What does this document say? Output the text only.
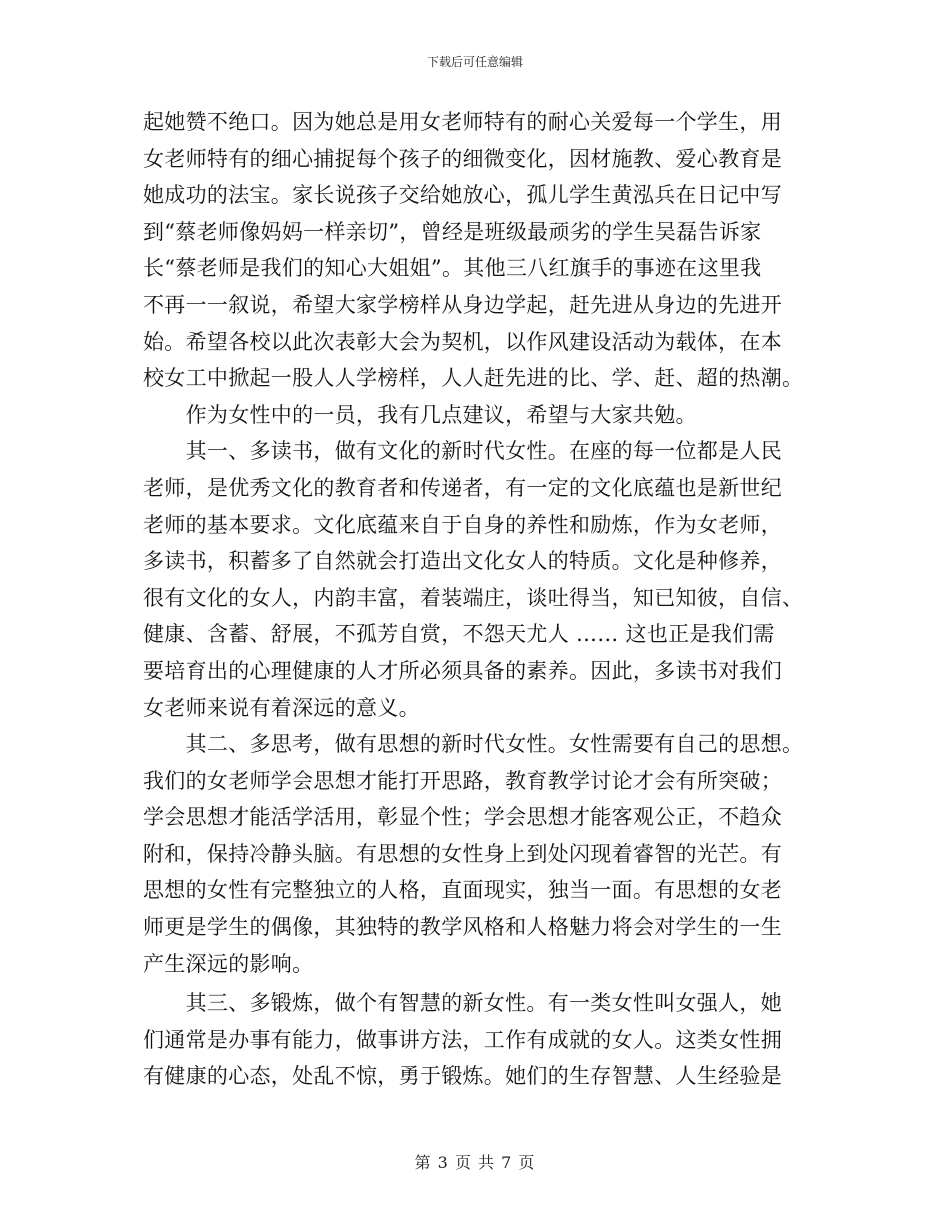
下载后可任意编辑
起她赞不绝口。因为她总是用女老师特有的耐心关爱每一个学生，用
女老师特有的细心捕捉每个孩子的细微变化，因材施教、爱心教育是
她成功的法宝。家长说孩子交给她放心，孤儿学生黄泓兵在日记中写
到“蔡老师像妈妈一样亲切”，曾经是班级最顽劣的学生吴磊告诉家
长“蔡老师是我们的知心大姐姐”。其他三八红旗手的事迹在这里我
不再一一叙说，希望大家学榜样从身边学起，赶先进从身边的先进开
始。希望各校以此次表彰大会为契机，以作风建设活动为载体，在本
校女工中掀起一股人人学榜样，人人赶先进的比、学、赶、超的热潮。
　　作为女性中的一员，我有几点建议，希望与大家共勉。
　　其一、多读书，做有文化的新时代女性。在座的每一位都是人民
老师，是优秀文化的教育者和传递者，有一定的文化底蕴也是新世纪
老师的基本要求。文化底蕴来自于自身的养性和励炼，作为女老师，
多读书，积蓄多了自然就会打造出文化女人的特质。文化是种修养，
很有文化的女人，内韵丰富，着装端庄，谈吐得当，知已知彼，自信、
健康、含蓄、舒展，不孤芳自赏，不怨天尤人 …… 这也正是我们需
要培育出的心理健康的人才所必须具备的素养。因此，多读书对我们
女老师来说有着深远的意义。
　　其二、多思考，做有思想的新时代女性。女性需要有自己的思想。
我们的女老师学会思想才能打开思路，教育教学讨论才会有所突破；
学会思想才能活学活用，彰显个性；学会思想才能客观公正，不趋众
附和，保持冷静头脑。有思想的女性身上到处闪现着睿智的光芒。有
思想的女性有完整独立的人格，直面现实，独当一面。有思想的女老
师更是学生的偶像，其独特的教学风格和人格魅力将会对学生的一生
产生深远的影响。
　　其三、多锻炼，做个有智慧的新女性。有一类女性叫女强人，她
们通常是办事有能力，做事讲方法，工作有成就的女人。这类女性拥
有健康的心态，处乱不惊，勇于锻炼。她们的生存智慧、人生经验是
第 3 页 共 7 页
